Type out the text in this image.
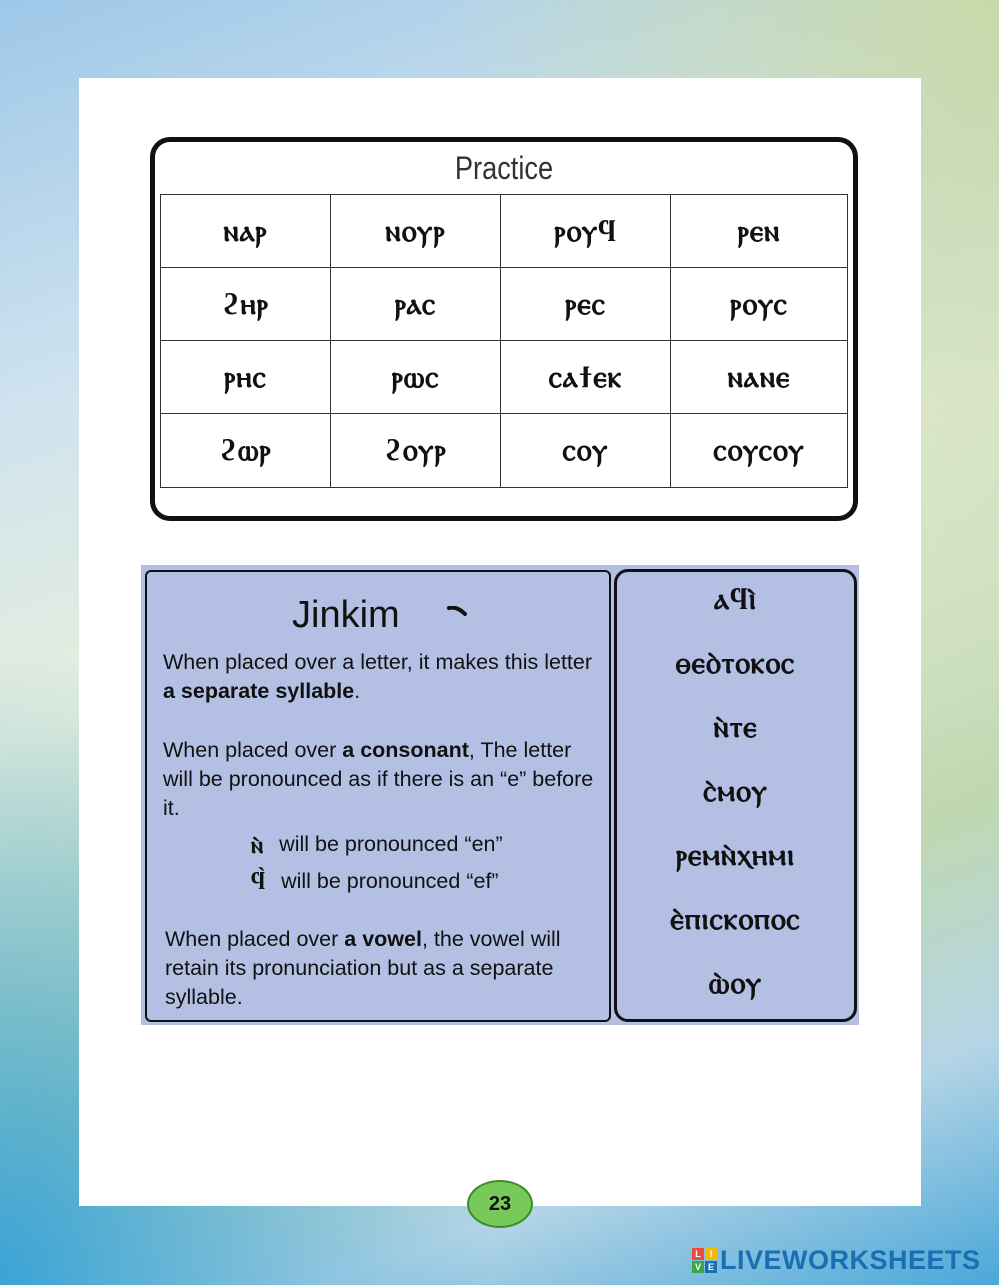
Practice
ⲛⲁⲣ	ⲛⲟⲩⲣ	ⲣⲟⲩϥ	ⲣⲉⲛ
ϩⲏⲣ	ⲣⲁⲥ	ⲣⲉⲥ	ⲣⲟⲩⲥ
ⲣⲏⲥ	ⲣⲱⲥ	ⲥⲁϯⲉⲕ	ⲛⲁⲛⲉ
ϩⲱⲣ	ϩⲟⲩⲣ	ⲥⲟⲩ	ⲥⲟⲩⲥⲟⲩ
Jinkim
When placed over a letter, it makes this letter a separate syllable.
When placed over a consonant, The letter will be pronounced as if there is an “e” before it.
ⲛ̀ will be pronounced “en”
ϥ̀ will be pronounced “ef”
When placed over a vowel, the vowel will retain its pronunciation but as a separate syllable.
ⲁϥⲓ̀
ⲑⲉⲟ̀ⲧⲟⲕⲟⲥ
ⲛ̀ⲧⲉ
ⲥ̀ⲙⲟⲩ
ⲣⲉⲙⲛ̀ⲭⲏⲙⲓ
ⲉ̀ⲡⲓⲥⲕⲟⲡⲟⲥ
ⲱ̀ⲟⲩ
23
L I
V E LIVEWORKSHEETS
